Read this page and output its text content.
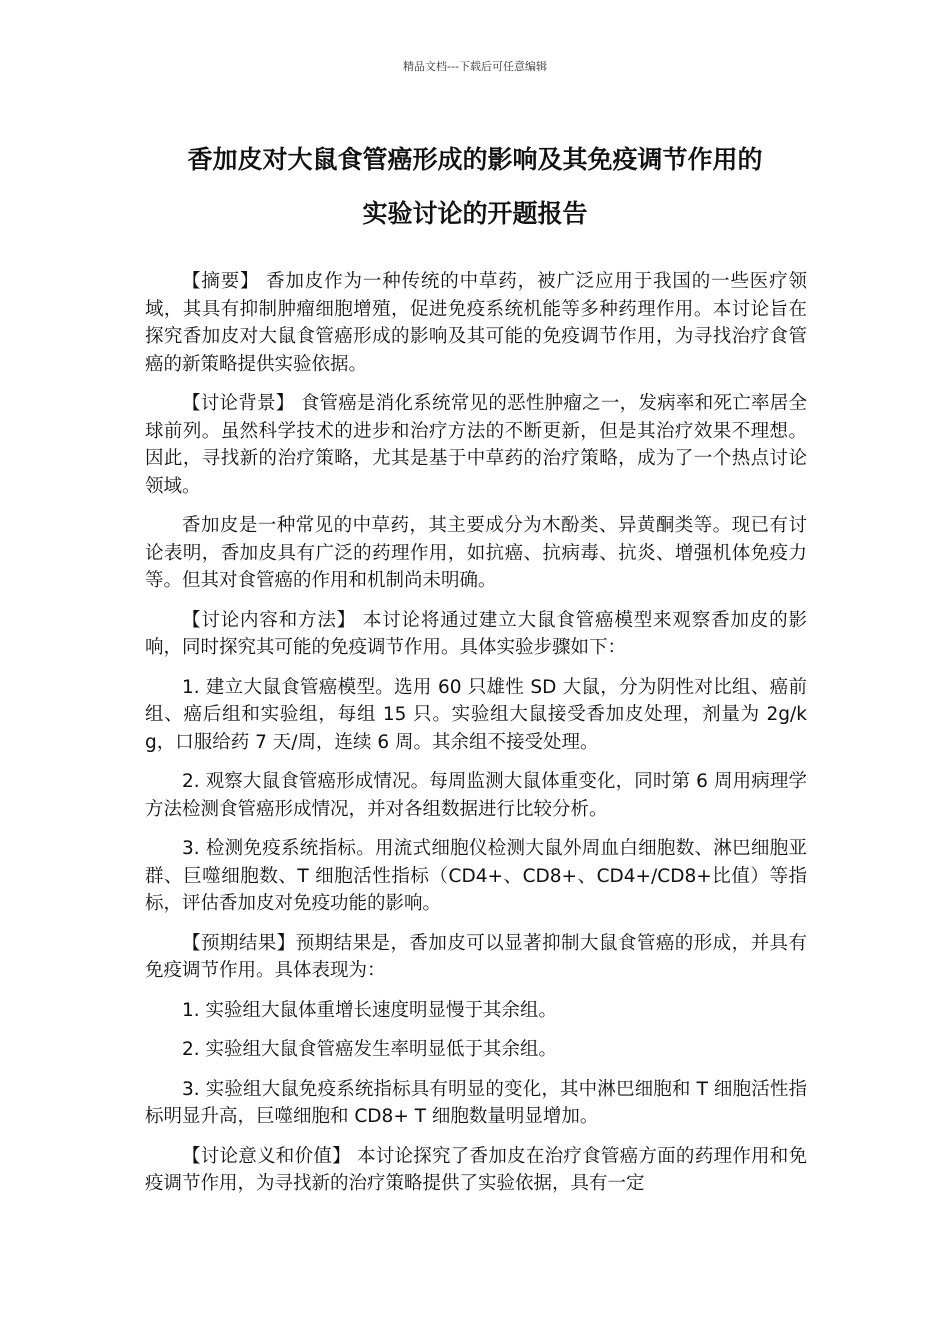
精品文档---下载后可任意编辑
香加皮对大鼠食管癌形成的影响及其免疫调节作用的
实验讨论的开题报告

【摘要】 香加皮作为一种传统的中草药，被广泛应用于我国的一些医疗领域，其具有抑制肿瘤细胞增殖，促进免疫系统机能等多种药理作用。本讨论旨在探究香加皮对大鼠食管癌形成的影响及其可能的免疫调节作用，为寻找治疗食管癌的新策略提供实验依据。

【讨论背景】 食管癌是消化系统常见的恶性肿瘤之一，发病率和死亡率居全球前列。虽然科学技术的进步和治疗方法的不断更新，但是其治疗效果不理想。因此，寻找新的治疗策略，尤其是基于中草药的治疗策略，成为了一个热点讨论领域。

香加皮是一种常见的中草药，其主要成分为木酚类、异黄酮类等。现已有讨论表明，香加皮具有广泛的药理作用，如抗癌、抗病毒、抗炎、增强机体免疫力等。但其对食管癌的作用和机制尚未明确。

【讨论内容和方法】 本讨论将通过建立大鼠食管癌模型来观察香加皮的影响，同时探究其可能的免疫调节作用。具体实验步骤如下：

1. 建立大鼠食管癌模型。选用 60 只雄性 SD 大鼠，分为阴性对比组、癌前组、癌后组和实验组，每组 15 只。实验组大鼠接受香加皮处理，剂量为 2g/kg，口服给药 7 天/周，连续 6 周。其余组不接受处理。

2. 观察大鼠食管癌形成情况。每周监测大鼠体重变化，同时第 6 周用病理学方法检测食管癌形成情况，并对各组数据进行比较分析。

3. 检测免疫系统指标。用流式细胞仪检测大鼠外周血白细胞数、淋巴细胞亚群、巨噬细胞数、T 细胞活性指标（CD4+、CD8+、CD4+/CD8+比值）等指标，评估香加皮对免疫功能的影响。

【预期结果】预期结果是，香加皮可以显著抑制大鼠食管癌的形成，并具有免疫调节作用。具体表现为：

1. 实验组大鼠体重增长速度明显慢于其余组。

2. 实验组大鼠食管癌发生率明显低于其余组。

3. 实验组大鼠免疫系统指标具有明显的变化，其中淋巴细胞和 T 细胞活性指标明显升高，巨噬细胞和 CD8+ T 细胞数量明显增加。

【讨论意义和价值】 本讨论探究了香加皮在治疗食管癌方面的药理作用和免疫调节作用，为寻找新的治疗策略提供了实验依据，具有一定
